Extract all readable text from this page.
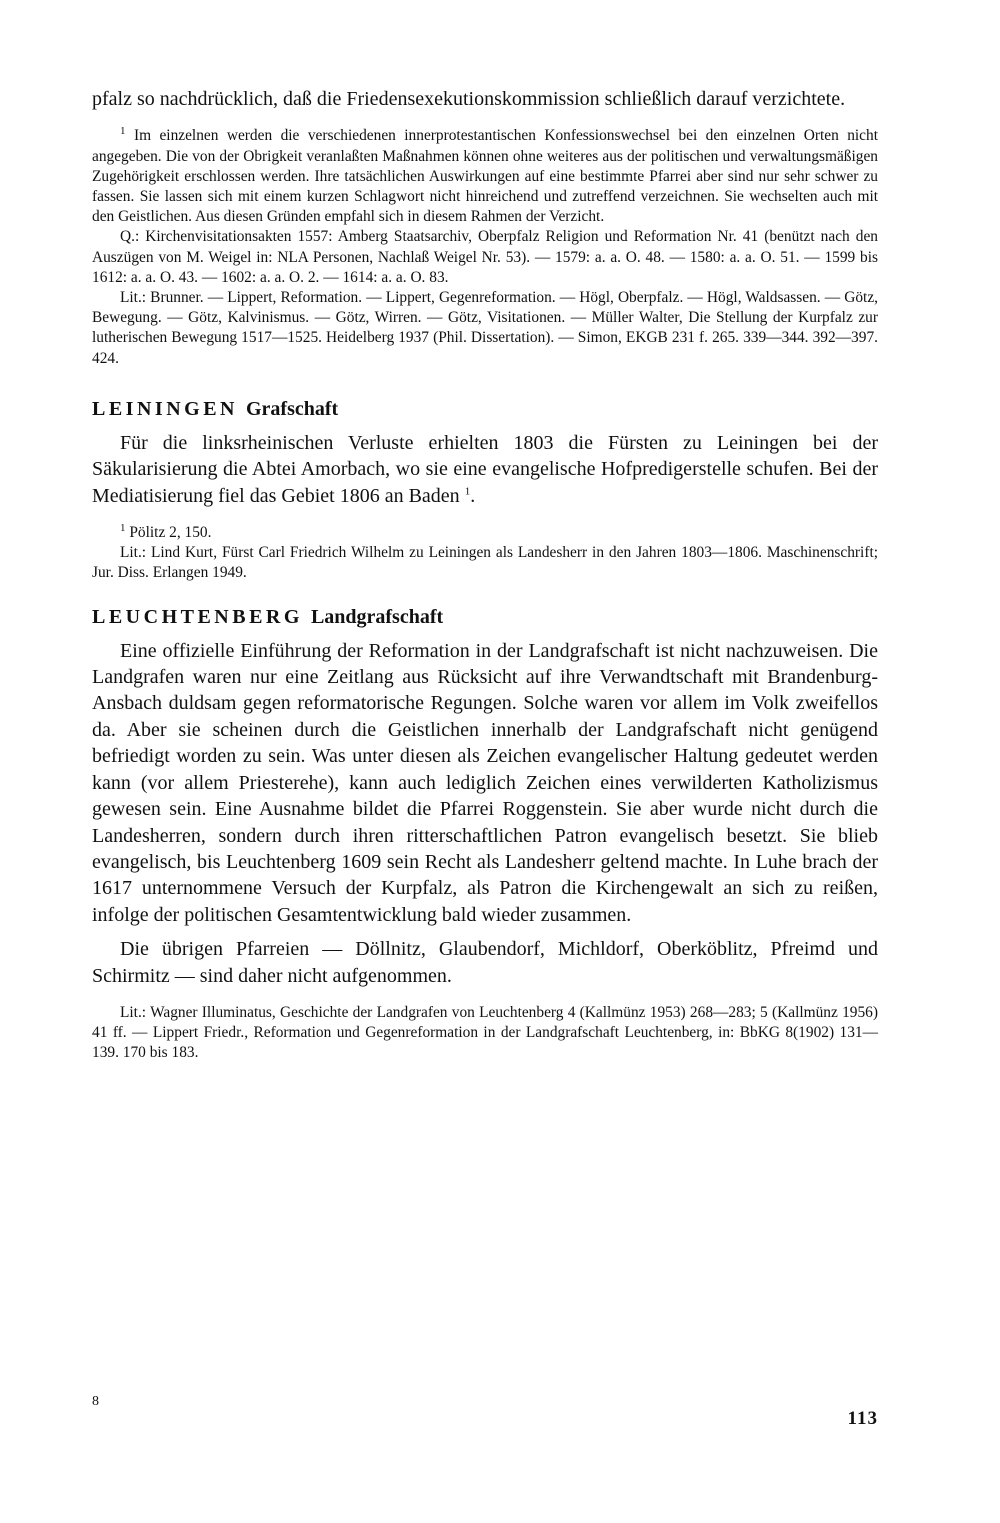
pfalz so nachdrücklich, daß die Friedensexekutionskommission schließlich darauf verzichtete.

$^1$ Im einzelnen werden die verschiedenen innerprotestantischen Konfessionswechsel bei den einzelnen Orten nicht angegeben. Die von der Obrigkeit veranlaßten Maßnahmen können ohne weiteres aus der politischen und verwaltungsmäßigen Zugehörigkeit erschlossen werden. Ihre tatsächlichen Auswirkungen auf eine bestimmte Pfarrei aber sind nur sehr schwer zu fassen. Sie lassen sich mit einem kurzen Schlagwort nicht hinreichend und zutreffend verzeichnen. Sie wechselten auch mit den Geistlichen. Aus diesen Gründen empfahl sich in diesem Rahmen der Verzicht.

Q.: Kirchenvisitationsakten 1557: Amberg Staatsarchiv, Oberpfalz Religion und Reformation Nr. 41 (benützt nach den Auszügen von M. Weigel in: NLA Personen, Nachlaß Weigel Nr. 53). — 1579: a. a. O. 48. — 1580: a. a. O. 51. — 1599 bis 1612: a. a. O. 43. — 1602: a. a. O. 2. — 1614: a. a. O. 83.

Lit.: Brunner. — Lippert, Reformation. — Lippert, Gegenreformation. — Högl, Oberpfalz. — Högl, Waldsassen. — Götz, Bewegung. — Götz, Kalvinismus. — Götz, Wirren. — Götz, Visitationen. — Müller Walter, Die Stellung der Kurpfalz zur lutherischen Bewegung 1517—1525. Heidelberg 1937 (Phil. Dissertation). — Simon, EKGB 231 f. 265. 339—344. 392—397. 424.

LEININGEN Grafschaft

Für die linksrheinischen Verluste erhielten 1803 die Fürsten zu Leiningen bei der Säkularisierung die Abtei Amorbach, wo sie eine evangelische Hofpredigerstelle schufen. Bei der Mediatisierung fiel das Gebiet 1806 an Baden $^1$.

$^1$ Pölitz 2, 150.

Lit.: Lind Kurt, Fürst Carl Friedrich Wilhelm zu Leiningen als Landesherr in den Jahren 1803—1806. Maschinenschrift; Jur. Diss. Erlangen 1949.

LEUCHTENBERG Landgrafschaft

Eine offizielle Einführung der Reformation in der Landgrafschaft ist nicht nachzuweisen. Die Landgrafen waren nur eine Zeitlang aus Rücksicht auf ihre Verwandtschaft mit Brandenburg-Ansbach duldsam gegen reformatorische Regungen. Solche waren vor allem im Volk zweifellos da. Aber sie scheinen durch die Geistlichen innerhalb der Landgrafschaft nicht genügend befriedigt worden zu sein. Was unter diesen als Zeichen evangelischer Haltung gedeutet werden kann (vor allem Priesterehe), kann auch lediglich Zeichen eines verwilderten Katholizismus gewesen sein. Eine Ausnahme bildet die Pfarrei Roggenstein. Sie aber wurde nicht durch die Landesherren, sondern durch ihren ritterschaftlichen Patron evangelisch besetzt. Sie blieb evangelisch, bis Leuchtenberg 1609 sein Recht als Landesherr geltend machte. In Luhe brach der 1617 unternommene Versuch der Kurpfalz, als Patron die Kirchengewalt an sich zu reißen, infolge der politischen Gesamtentwicklung bald wieder zusammen.

Die übrigen Pfarreien — Döllnitz, Glaubendorf, Michldorf, Oberköblitz, Pfreimd und Schirmitz — sind daher nicht aufgenommen.

Lit.: Wagner Illuminatus, Geschichte der Landgrafen von Leuchtenberg 4 (Kallmünz 1953) 268—283; 5 (Kallmünz 1956) 41 ff. — Lippert Friedr., Reformation und Gegenreformation in der Landgrafschaft Leuchtenberg, in: BbKG 8(1902) 131—139. 170 bis 183.

8
113
